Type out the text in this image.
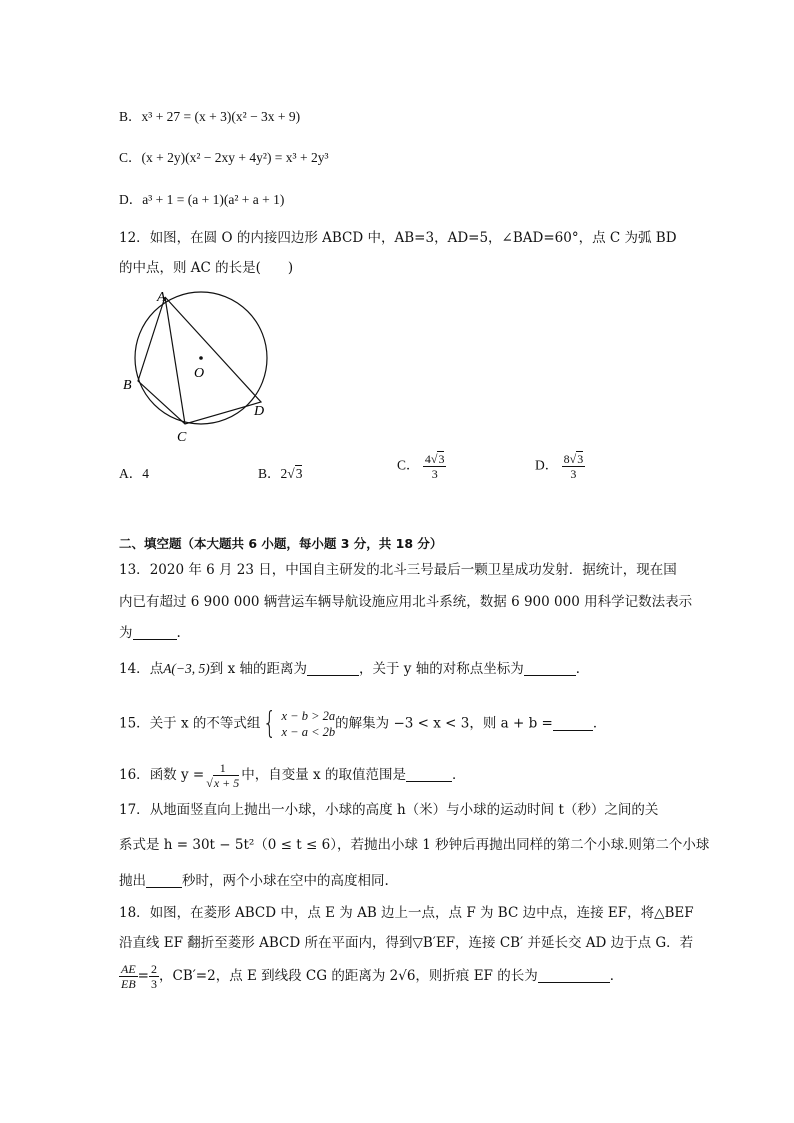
B．x³ + 27 = (x + 3)(x² − 3x + 9)
C．(x + 2y)(x² − 2xy + 4y²) = x³ + 2y³
D．a³ + 1 = (a + 1)(a² + a + 1)
12．如图，在圆 O 的内接四边形 ABCD 中，AB=3，AD=5，∠BAD=60°，点 C 为弧 BD
的中点，则 AC 的长是(　　)
A
B
C
D
O
A．4	B．2√3
C． $\frac{4√3}{3}$	D． $\frac{8√3}{3}$
二、填空题（本大题共 6 小题，每小题 3 分，共 18 分）
13．2020 年 6 月 23 日，中国自主研发的北斗三号最后一颗卫星成功发射．据统计，现在国
内已有超过 6 900 000 辆营运车辆导航设施应用北斗系统，数据 6 900 000 用科学记数法表示
为	.
14．点A(−3, 5)到 x 轴的距离为	，关于 y 轴的对称点坐标为	．
15．关于 x 的不等式组 { x − b > 2a
x − a < 2b
的解集为 −3 < x < 3，则 a + b =	．
16．函数 $y = \frac{1}{√x + 5}$ 中，自变量 x 的取值范围是	．
17．从地面竖直向上抛出一小球，小球的高度 h（米）与小球的运动时间 t（秒）之间的关
系式是 h = 30t − 5t²（0 ≤ t ≤ 6），若抛出小球 1 秒钟后再抛出同样的第二个小球.则第二个小球
抛出	秒时，两个小球在空中的高度相同.
18．如图，在菱形 ABCD 中，点 E 为 AB 边上一点，点 F 为 BC 边中点，连接 EF，将△BEF
沿直线 EF 翻折至菱形 ABCD 所在平面内，得到▽B′EF，连接 CB′ 并延长交 AD 边于点 G．若
$\frac{AE}{EB} = \frac{2}{3}$ ，CB′=2，点 E 到线段 CG 的距离为 2√6，则折痕 EF 的长为	．
